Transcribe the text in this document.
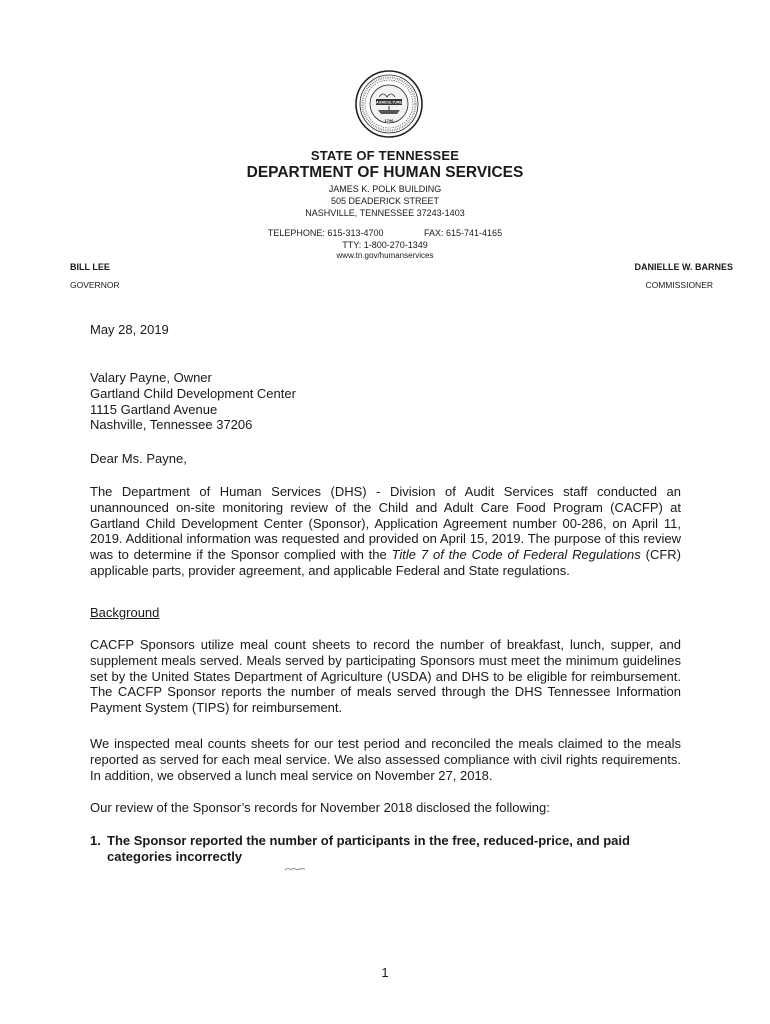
AGRICULTURE
1796
STATE OF TENNESSEE
DEPARTMENT OF HUMAN SERVICES
JAMES K. POLK BUILDING
505 DEADERICK STREET
NASHVILLE, TENNESSEE 37243-1403
TELEPHONE: 615-313-4700	FAX: 615-741-4165
TTY: 1-800-270-1349
www.tn.gov/humanservices
BILL LEE
GOVERNOR
DANIELLE W. BARNES
COMMISSIONER
May 28, 2019
Valary Payne, Owner
Gartland Child Development Center
1115 Gartland Avenue
Nashville, Tennessee 37206
Dear Ms. Payne,
The Department of Human Services (DHS) - Division of Audit Services staff conducted an unannounced on-site monitoring review of the Child and Adult Care Food Program (CACFP) at Gartland Child Development Center (Sponsor), Application Agreement number 00-286, on April 11, 2019. Additional information was requested and provided on April 15, 2019. The purpose of this review was to determine if the Sponsor complied with the Title 7 of the Code of Federal Regulations (CFR) applicable parts, provider agreement, and applicable Federal and State regulations.
Background
CACFP Sponsors utilize meal count sheets to record the number of breakfast, lunch, supper, and supplement meals served. Meals served by participating Sponsors must meet the minimum guidelines set by the United States Department of Agriculture (USDA) and DHS to be eligible for reimbursement. The CACFP Sponsor reports the number of meals served through the DHS Tennessee Information Payment System (TIPS) for reimbursement.
We inspected meal counts sheets for our test period and reconciled the meals claimed to the meals reported as served for each meal service. We also assessed compliance with civil rights requirements. In addition, we observed a lunch meal service on November 27, 2018.
Our review of the Sponsor’s records for November 2018 disclosed the following:
1. The Sponsor reported the number of participants in the free, reduced-price, and paid
categories incorrectly
1
